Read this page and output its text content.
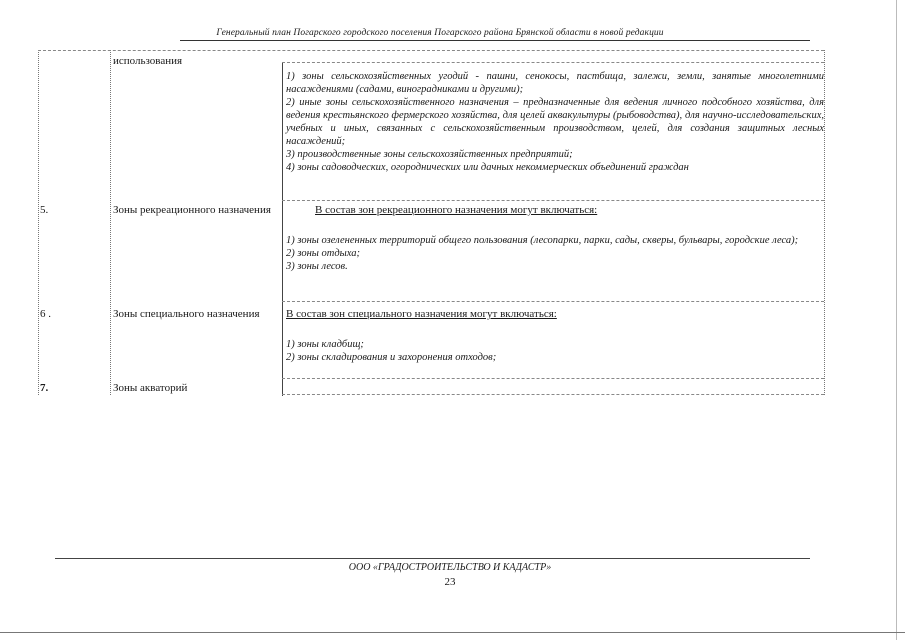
Генеральный план Погарского городского поселения Погарского района Брянской области в новой редакции
использования
1) зоны сельскохозяйственных угодий - пашни, сенокосы, пастбища, залежи, земли, занятые многолетними насаждениями (садами, виноградниками и другими);
2) иные зоны сельскохозяйственного назначения – предназначенные для ведения личного подсобного хозяйства, для ведения крестьянского фермерского хозяйства, для целей аквакультуры (рыбоводства), для научно-исследовательских, учебных и иных, связанных с сельскохозяйственным производством, целей, для создания защитных лесных насаждений;
3) производственные зоны сельскохозяйственных предприятий;
4) зоны садоводческих, огороднических или дачных некоммерческих объединений граждан
5.	Зоны рекреационного назначения	В состав зон рекреационного назначения могут включаться:
1) зоны озелененных территорий общего пользования (лесопарки, парки, сады, скверы, бульвары, городские леса);
2) зоны отдыха;
3) зоны лесов.
6 .	Зоны специального назначения	В состав зон специального назначения могут включаться:
1) зоны кладбищ;
2) зоны складирования и захоронения отходов;
7.	Зоны акваторий
ООО «ГРАДОСТРОИТЕЛЬСТВО И КАДАСТР»
23
